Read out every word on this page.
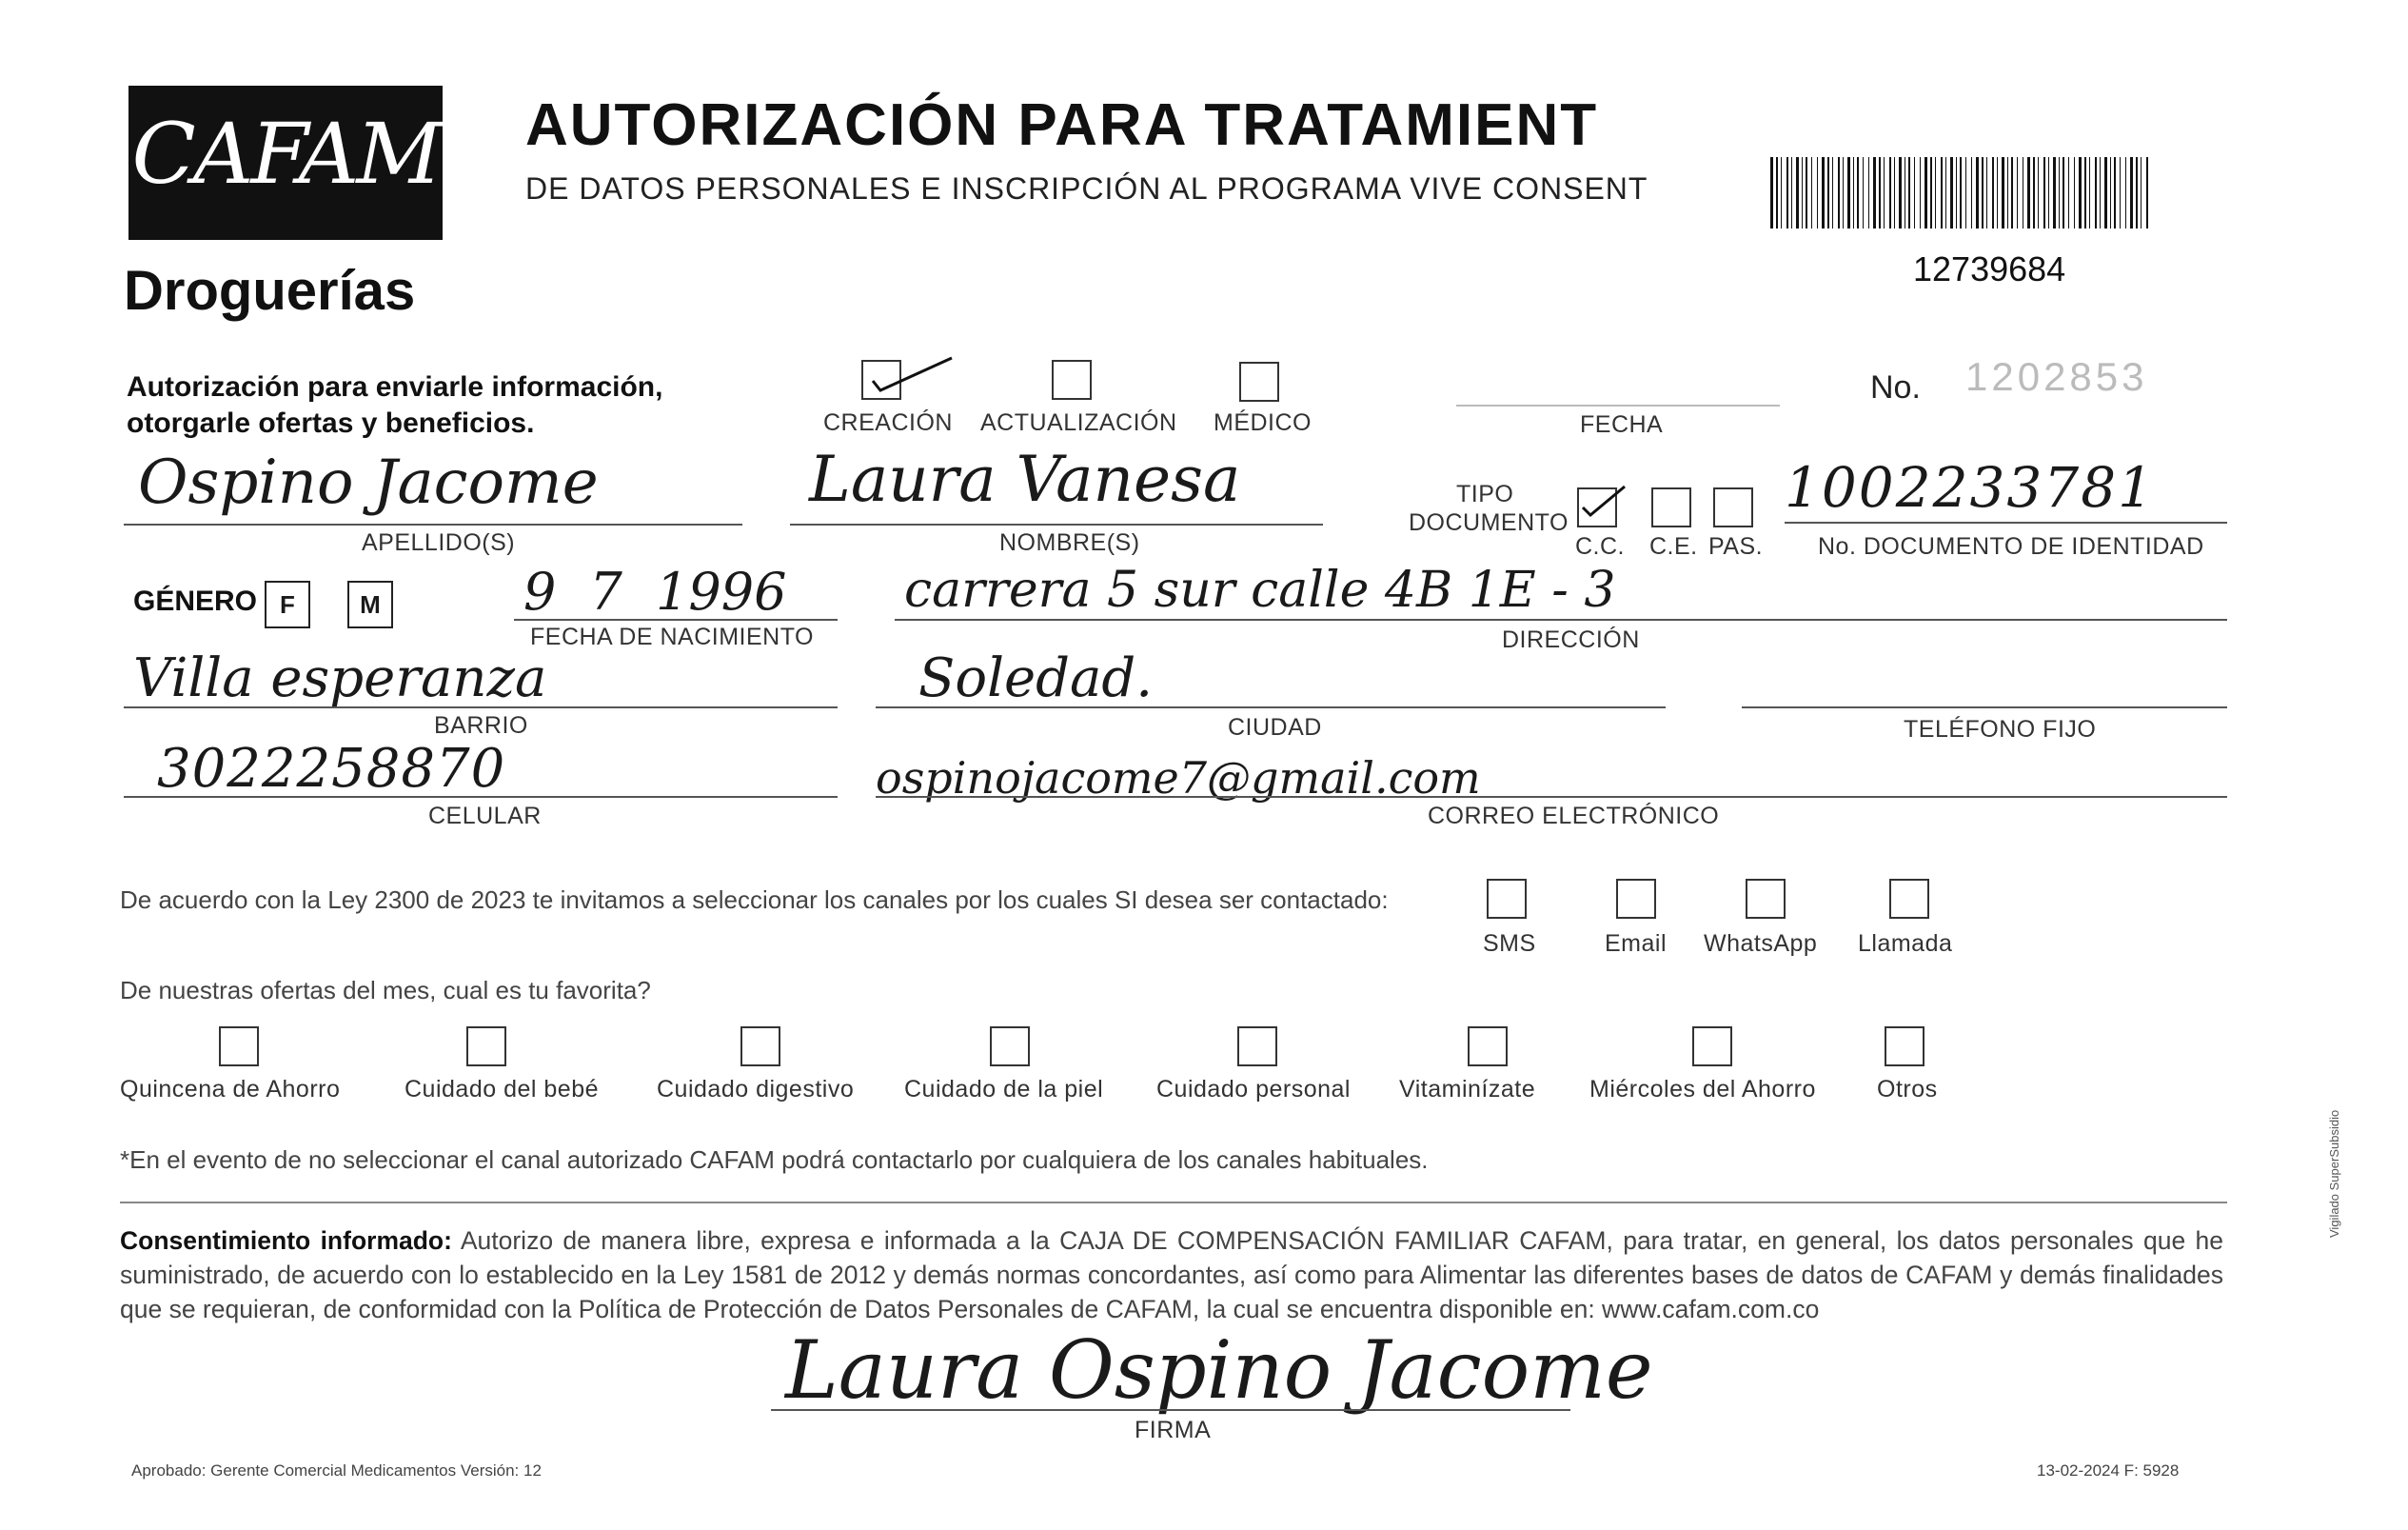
CAFAM
Droguerías
AUTORIZACIÓN PARA TRATAMIENT
DE DATOS PERSONALES E INSCRIPCIÓN AL PROGRAMA VIVE CONSENT
12739684
Autorización para enviarle información,
otorgarle ofertas y beneficios.	CREACIÓN ACTUALIZACIÓN MÉDICO	FECHA
No. 1202853
Ospino Jacome
APELLIDO(S)
Laura Vanesa
NOMBRE(S)
TIPO
DOCUMENTO
C.C. C.E. PAS.
1002233781
No. DOCUMENTO DE IDENTIDAD
GÉNERO F	M	9 7 1996
FECHA DE NACIMIENTO
carrera 5 sur calle 4B 1E - 3
DIRECCIÓN
Villa esperanza
BARRIO
Soledad.
CIUDAD	TELÉFONO FIJO
3022258870
CELULAR
ospinojacome7@gmail.com
CORREO ELECTRÓNICO
De acuerdo con la Ley 2300 de 2023 te invitamos a seleccionar los canales por los cuales SI desea ser contactado:
SMS	Email WhatsApp Llamada
De nuestras ofertas del mes, cual es tu favorita?
Quincena de Ahorro	Cuidado del bebé Cuidado digestivo Cuidado de la piel Cuidado personal Vitaminízate Miércoles del Ahorro	Otros
*En el evento de no seleccionar el canal autorizado CAFAM podrá contactarlo por cualquiera de los canales habituales.
Consentimiento informado: Autorizo de manera libre, expresa e informada a la CAJA DE COMPENSACIÓN FAMILIAR CAFAM, para tratar, en general, los datos personales que he suministrado, de acuerdo con lo establecido en la Ley 1581 de 2012 y demás normas concordantes, así como para Alimentar las diferentes bases de datos de CAFAM y demás finalidades que se requieran, de conformidad con la Política de Protección de Datos Personales de CAFAM, la cual se encuentra disponible en: www.cafam.com.co
Laura Ospino Jacome
FIRMA
Aprobado: Gerente Comercial Medicamentos Versión: 12	13-02-2024 F: 5928
Vigilado SuperSubsidio
